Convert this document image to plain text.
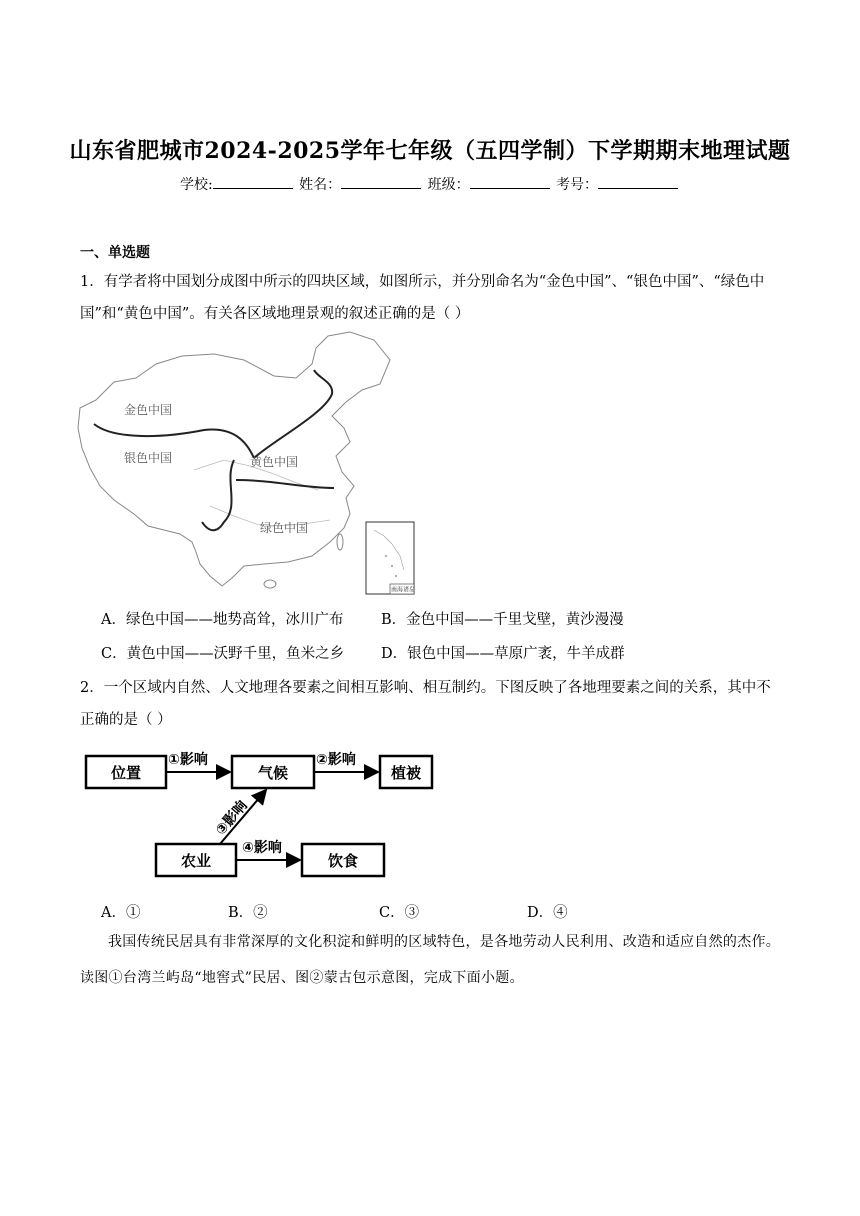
山东省肥城市2024-2025学年七年级（五四学制）下学期期末地理试题
学校:	姓名：	班级：	考号：
一、单选题
1．有学者将中国划分成图中所示的四块区域，如图所示，并分别命名为“金色中国”、“银色中国”、“绿色中国”和“黄色中国”。有关各区域地理景观的叙述正确的是（ ）
金色中国
银色中国	黄色中国
绿色中国
南海诸岛
A．绿色中国——地势高耸，冰川广布	B．金色中国——千里戈壁，黄沙漫漫
C．黄色中国——沃野千里，鱼米之乡	D．银色中国——草原广袤，牛羊成群
2．一个区域内自然、人文地理各要素之间相互影响、相互制约。下图反映了各地理要素之间的关系，其中不正确的是（ ）
位置	气候	植被
农业	饮食
①影响	②影响
③影响
④影响
A．①	B．②	C．③	D．④
我国传统民居具有非常深厚的文化积淀和鲜明的区域特色，是各地劳动人民利用、改造和适应自然的杰作。读图①台湾兰屿岛“地窖式”民居、图②蒙古包示意图，完成下面小题。
